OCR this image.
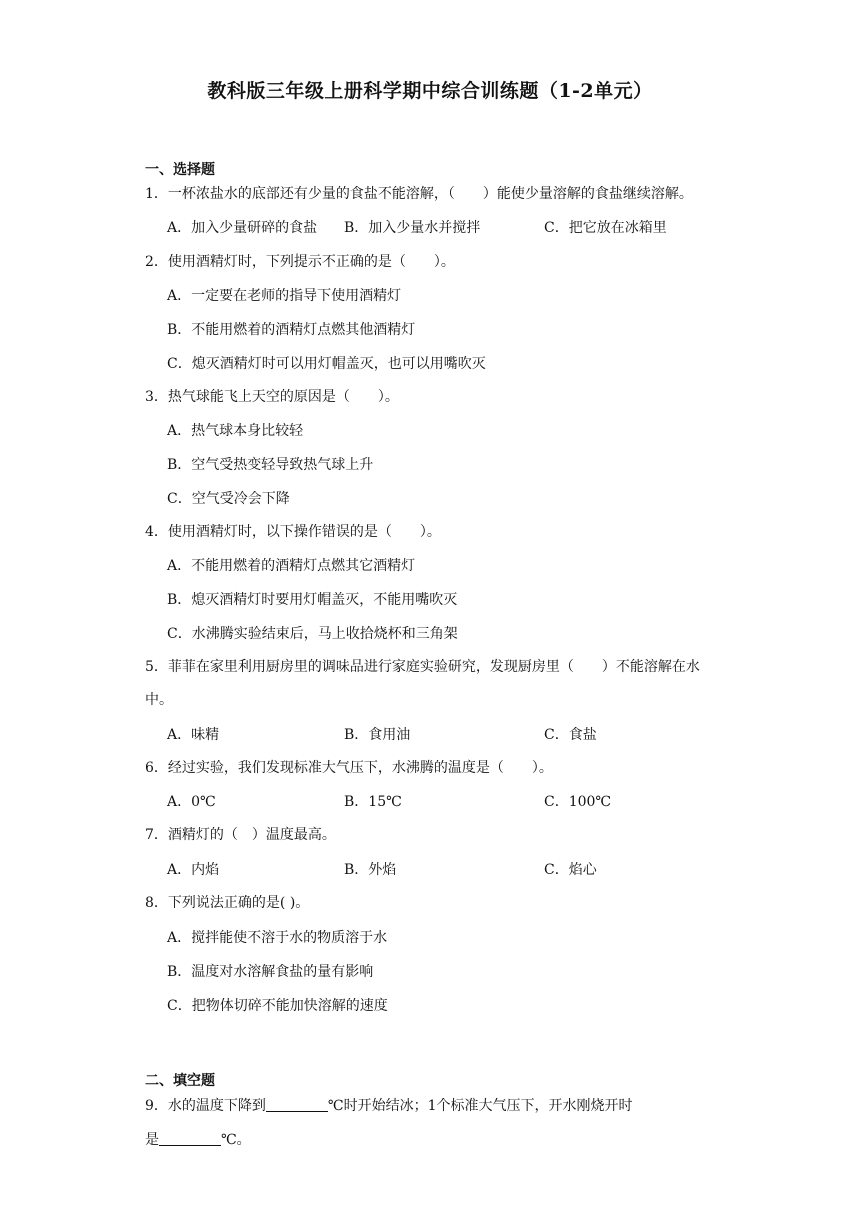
教科版三年级上册科学期中综合训练题（1-2单元）
一、选择题
1．一杯浓盐水的底部还有少量的食盐不能溶解，（　　）能使少量溶解的食盐继续溶解。
A．加入少量研碎的食盐 B．加入少量水并搅拌	C．把它放在冰箱里
2．使用酒精灯时，下列提示不正确的是（　　）。
A．一定要在老师的指导下使用酒精灯
B．不能用燃着的酒精灯点燃其他酒精灯
C．熄灭酒精灯时可以用灯帽盖灭，也可以用嘴吹灭
3．热气球能飞上天空的原因是（　　）。
A．热气球本身比较轻
B．空气受热变轻导致热气球上升
C．空气受冷会下降
4．使用酒精灯时，以下操作错误的是（　　）。
A．不能用燃着的酒精灯点燃其它酒精灯
B．熄灭酒精灯时要用灯帽盖灭，不能用嘴吹灭
C．水沸腾实验结束后，马上收拾烧杯和三角架
5．菲菲在家里利用厨房里的调味品进行家庭实验研究，发现厨房里（　　）不能溶解在水中。
A．味精	B．食用油	C．食盐
6．经过实验，我们发现标准大气压下，水沸腾的温度是（　　）。
A．0℃	B．15℃	C．100℃
7．酒精灯的（　）温度最高。
A．内焰	B．外焰	C．焰心
8．下列说法正确的是( )。
A．搅拌能使不溶于水的物质溶于水
B．温度对水溶解食盐的量有影响
C．把物体切碎不能加快溶解的速度
二、填空题
9．水的温度下降到	℃时开始结冰；1个标准大气压下，开水刚烧开时
是	℃。
